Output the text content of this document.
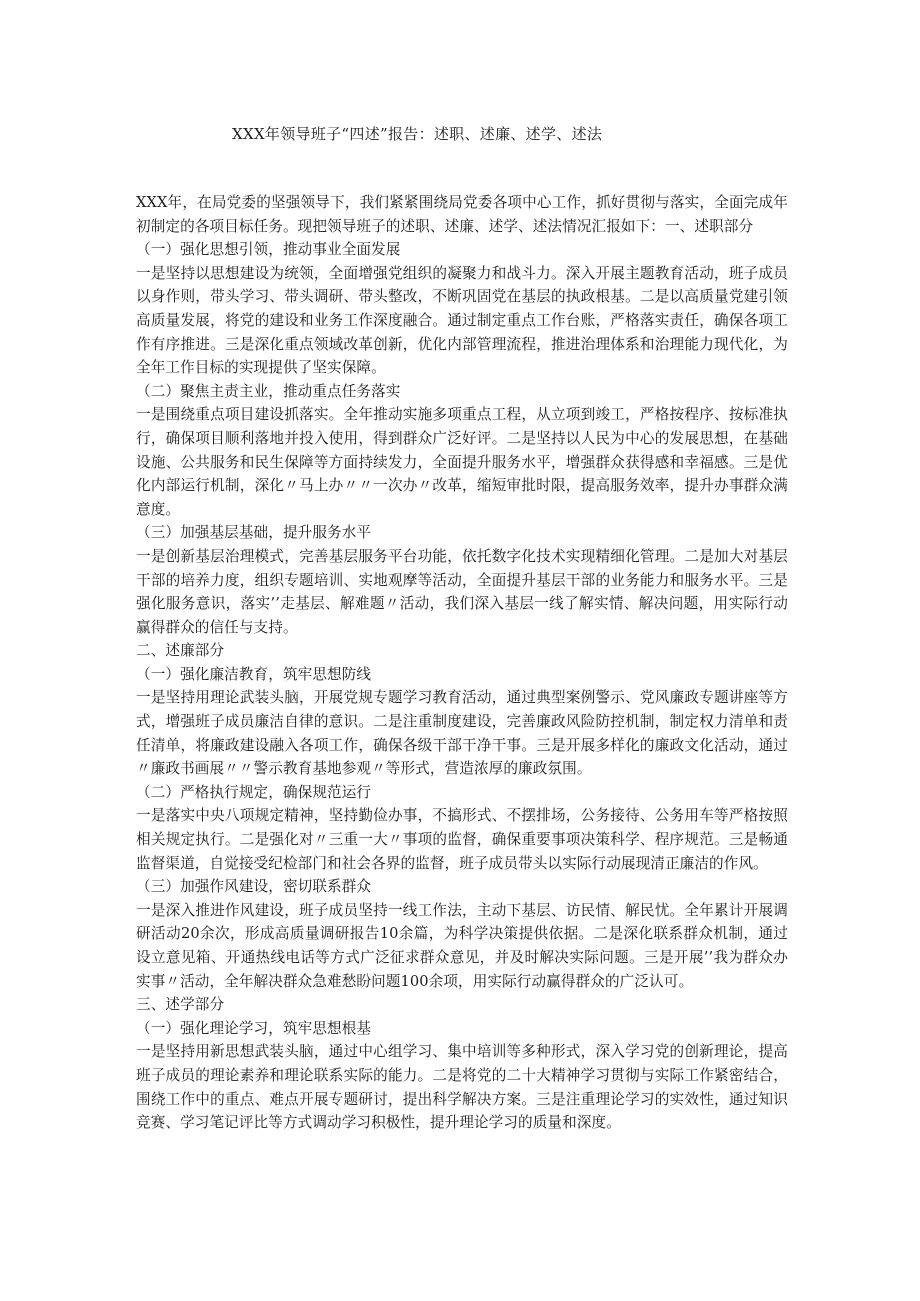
XXX年领导班子“四述”报告：述职、述廉、述学、述法

XXX年，在局党委的坚强领导下，我们紧紧围绕局党委各项中心工作，抓好贯彻与落实，全面完成年初制定的各项目标任务。现把领导班子的述职、述廉、述学、述法情况汇报如下：一、述职部分

（一）强化思想引领，推动事业全面发展

一是坚持以思想建设为统领，全面增强党组织的凝聚力和战斗力。深入开展主题教育活动，班子成员以身作则，带头学习、带头调研、带头整改，不断巩固党在基层的执政根基。二是以高质量党建引领高质量发展，将党的建设和业务工作深度融合。通过制定重点工作台账，严格落实责任，确保各项工作有序推进。三是深化重点领域改革创新，优化内部管理流程，推进治理体系和治理能力现代化，为全年工作目标的实现提供了坚实保障。

（二）聚焦主责主业，推动重点任务落实

一是围绕重点项目建设抓落实。全年推动实施多项重点工程，从立项到竣工，严格按程序、按标准执行，确保项目顺利落地并投入使用，得到群众广泛好评。二是坚持以人民为中心的发展思想，在基础设施、公共服务和民生保障等方面持续发力，全面提升服务水平，增强群众获得感和幸福感。三是优化内部运行机制，深化〃马上办〃〃一次办〃改革，缩短审批时限，提高服务效率，提升办事群众满意度。

（三）加强基层基础，提升服务水平

一是创新基层治理模式，完善基层服务平台功能，依托数字化技术实现精细化管理。二是加大对基层干部的培养力度，组织专题培训、实地观摩等活动，全面提升基层干部的业务能力和服务水平。三是强化服务意识，落实’’走基层、解难题〃活动，我们深入基层一线了解实情、解决问题，用实际行动赢得群众的信任与支持。

二、述廉部分

（一）强化廉洁教育，筑牢思想防线

一是坚持用理论武装头脑，开展党规专题学习教育活动，通过典型案例警示、党风廉政专题讲座等方式，增强班子成员廉洁自律的意识。二是注重制度建设，完善廉政风险防控机制，制定权力清单和责任清单，将廉政建设融入各项工作，确保各级干部干净干事。三是开展多样化的廉政文化活动，通过〃廉政书画展〃〃警示教育基地参观〃等形式，营造浓厚的廉政氛围。

（二）严格执行规定，确保规范运行

一是落实中央八项规定精神，坚持勤俭办事，不搞形式、不摆排场，公务接待、公务用车等严格按照相关规定执行。二是强化对〃三重一大〃事项的监督，确保重要事项决策科学、程序规范。三是畅通监督渠道，自觉接受纪检部门和社会各界的监督，班子成员带头以实际行动展现清正廉洁的作风。

（三）加强作风建设，密切联系群众

一是深入推进作风建设，班子成员坚持一线工作法，主动下基层、访民情、解民忧。全年累计开展调研活动20余次，形成高质量调研报告10余篇，为科学决策提供依据。二是深化联系群众机制，通过设立意见箱、开通热线电话等方式广泛征求群众意见，并及时解决实际问题。三是开展’’我为群众办实事〃活动，全年解决群众急难愁盼问题100余项，用实际行动赢得群众的广泛认可。

三、述学部分

（一）强化理论学习，筑牢思想根基

一是坚持用新思想武装头脑，通过中心组学习、集中培训等多种形式，深入学习党的创新理论，提高班子成员的理论素养和理论联系实际的能力。二是将党的二十大精神学习贯彻与实际工作紧密结合，围绕工作中的重点、难点开展专题研讨，提出科学解决方案。三是注重理论学习的实效性，通过知识竞赛、学习笔记评比等方式调动学习积极性，提升理论学习的质量和深度。
